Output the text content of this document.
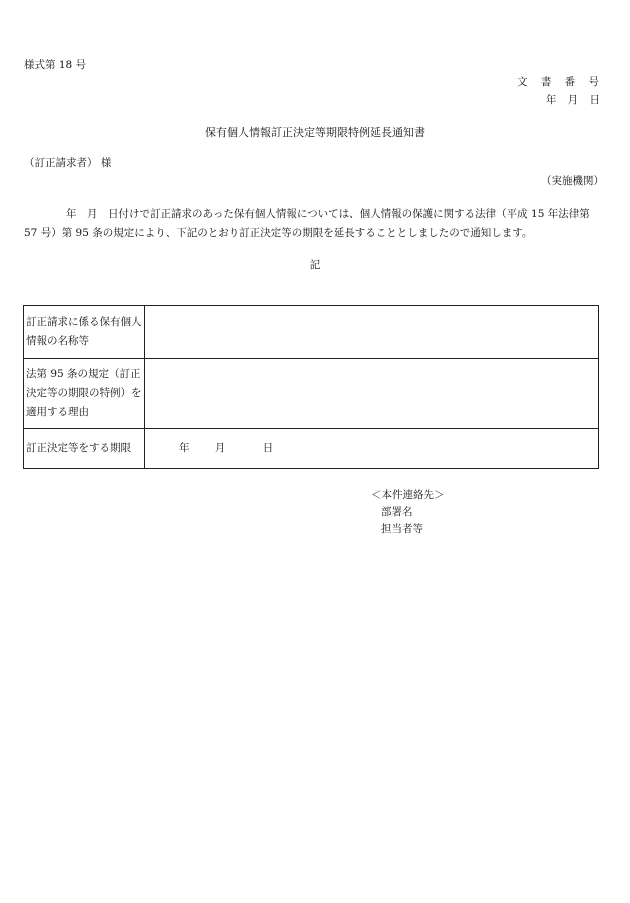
様式第 18 号
文 書 番 号
年 月 日
保有個人情報訂正決定等期限特例延長通知書
（訂正請求者） 様
（実施機関）
　　　　年　月　日付けで訂正請求のあった保有個人情報については、個人情報の保護に関する法律（平成 15 年法律第 57 号）第 95 条の規定により、下記のとおり訂正決定等の期限を延長することとしましたので通知します。
記
訂正請求に係る保有個人情報の名称等	
法第 95 条の規定（訂正決定等の期限の特例）を適用する理由	
訂正決定等をする期限	年 月 日
＜本件連絡先＞
部署名
担当者等
